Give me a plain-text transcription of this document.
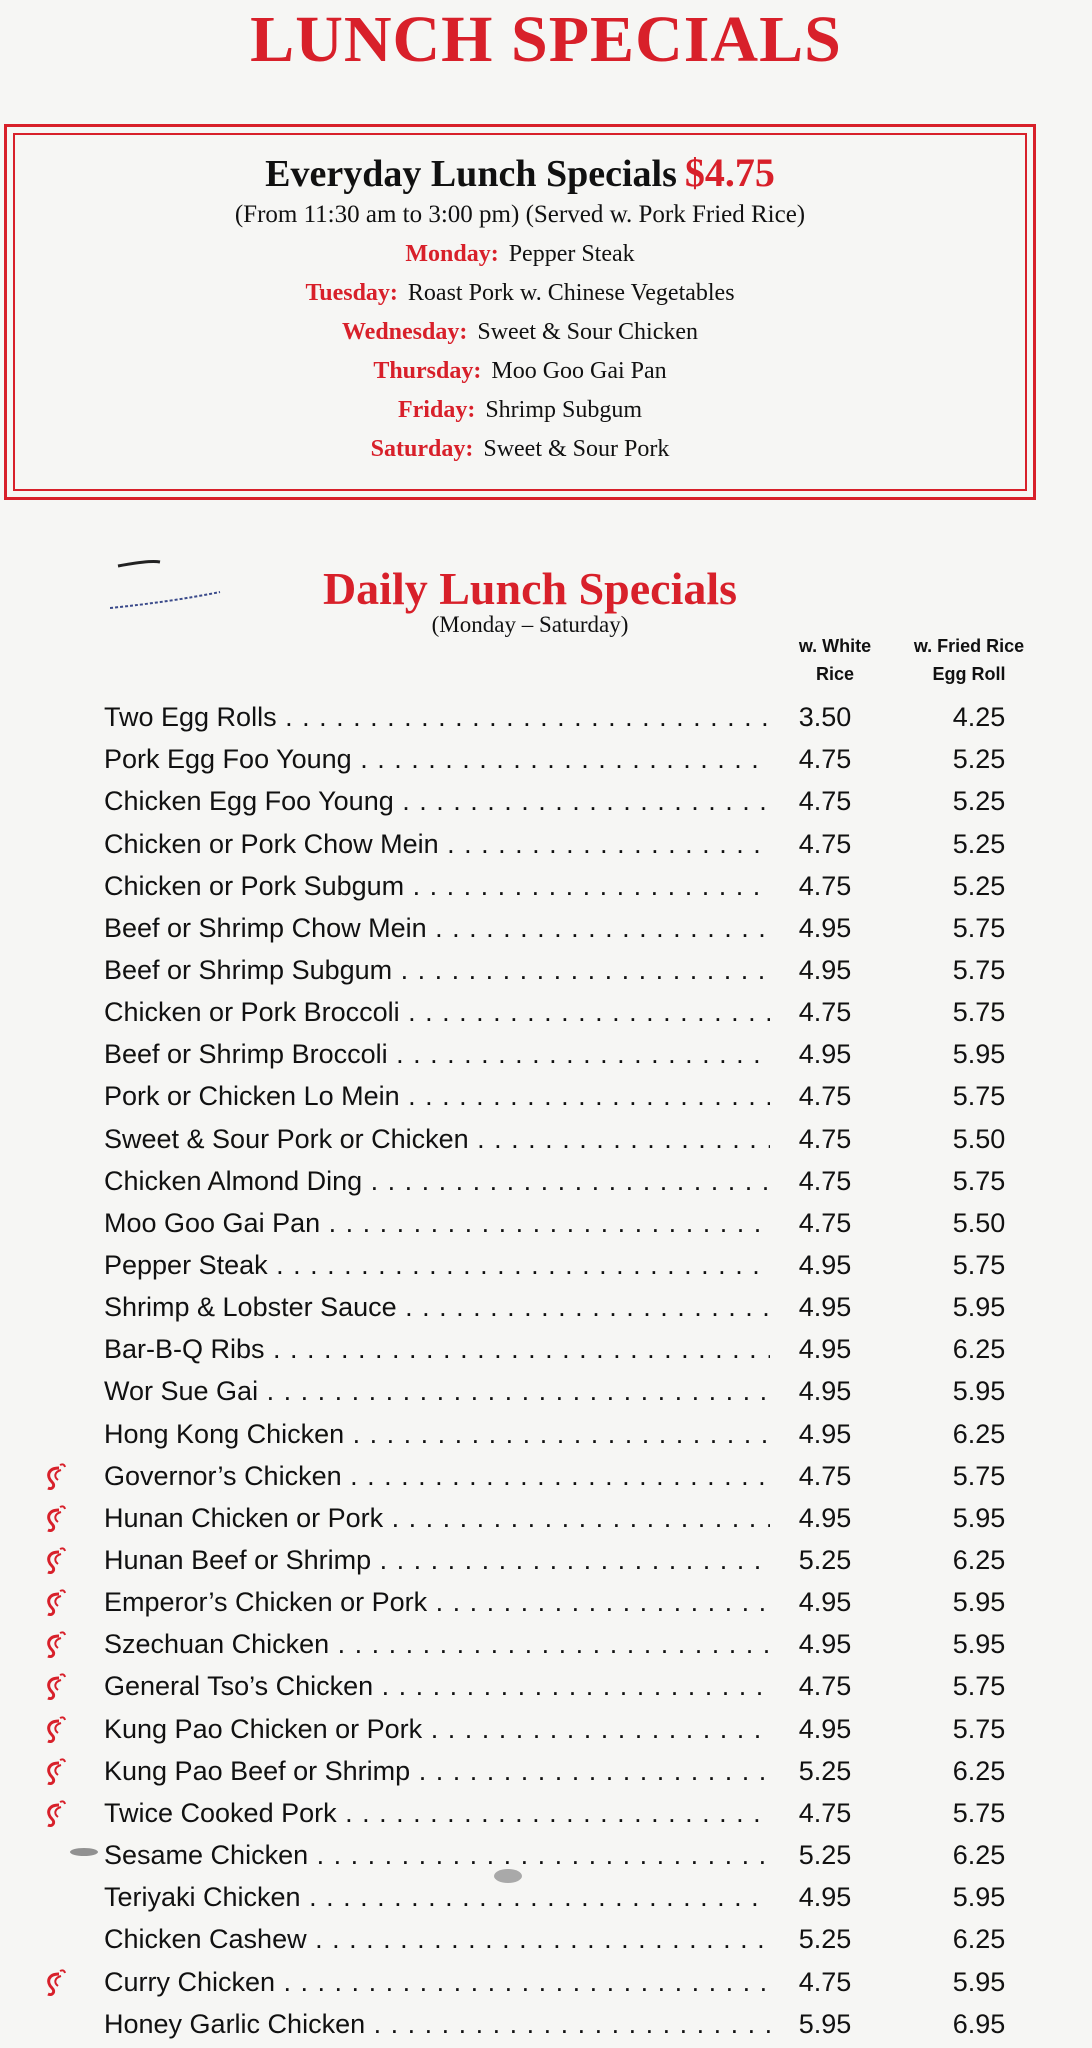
LUNCH SPECIALS
Everyday Lunch Specials $4.75
(From 11:30 am to 3:00 pm) (Served w. Pork Fried Rice)
Monday: Pepper Steak
Tuesday: Roast Pork w. Chinese Vegetables
Wednesday: Sweet & Sour Chicken
Thursday: Moo Goo Gai Pan
Friday: Shrimp Subgum
Saturday: Sweet & Sour Pork
Daily Lunch Specials
(Monday – Saturday)
w. White
Rice
w. Fried Rice
Egg Roll
Two Egg Rolls . . .	3.50	4.25
Pork Egg Foo Young . . .	4.75	5.25
Chicken Egg Foo Young . . .	4.75	5.25
Chicken or Pork Chow Mein . . .	4.75	5.25
Chicken or Pork Subgum . . .	4.75	5.25
Beef or Shrimp Chow Mein . . .	4.95	5.75
Beef or Shrimp Subgum . . .	4.95	5.75
Chicken or Pork Broccoli . . .	4.75	5.75
Beef or Shrimp Broccoli . . .	4.95	5.95
Pork or Chicken Lo Mein . . .	4.75	5.75
Sweet & Sour Pork or Chicken . . .	4.75	5.50
Chicken Almond Ding . . .	4.75	5.75
Moo Goo Gai Pan . . .	4.75	5.50
Pepper Steak . . .	4.95	5.75
Shrimp & Lobster Sauce . . .	4.95	5.95
Bar-B-Q Ribs . . .	4.95	6.25
Wor Sue Gai . . .	4.95	5.95
Hong Kong Chicken . . .	4.95	6.25
Governor’s Chicken . . .	4.75	5.75
Hunan Chicken or Pork . . .	4.95	5.95
Hunan Beef or Shrimp . . .	5.25	6.25
Emperor’s Chicken or Pork . . .	4.95	5.95
Szechuan Chicken . . .	4.95	5.95
General Tso’s Chicken . . .	4.75	5.75
Kung Pao Chicken or Pork . . .	4.95	5.75
Kung Pao Beef or Shrimp . . .	5.25	6.25
Twice Cooked Pork . . .	4.75	5.75
Sesame Chicken . . .	5.25	6.25
Teriyaki Chicken . . .	4.95	5.95
Chicken Cashew . . .	5.25	6.25
Curry Chicken . . .	4.75	5.95
Honey Garlic Chicken . . .	5.95	6.95
